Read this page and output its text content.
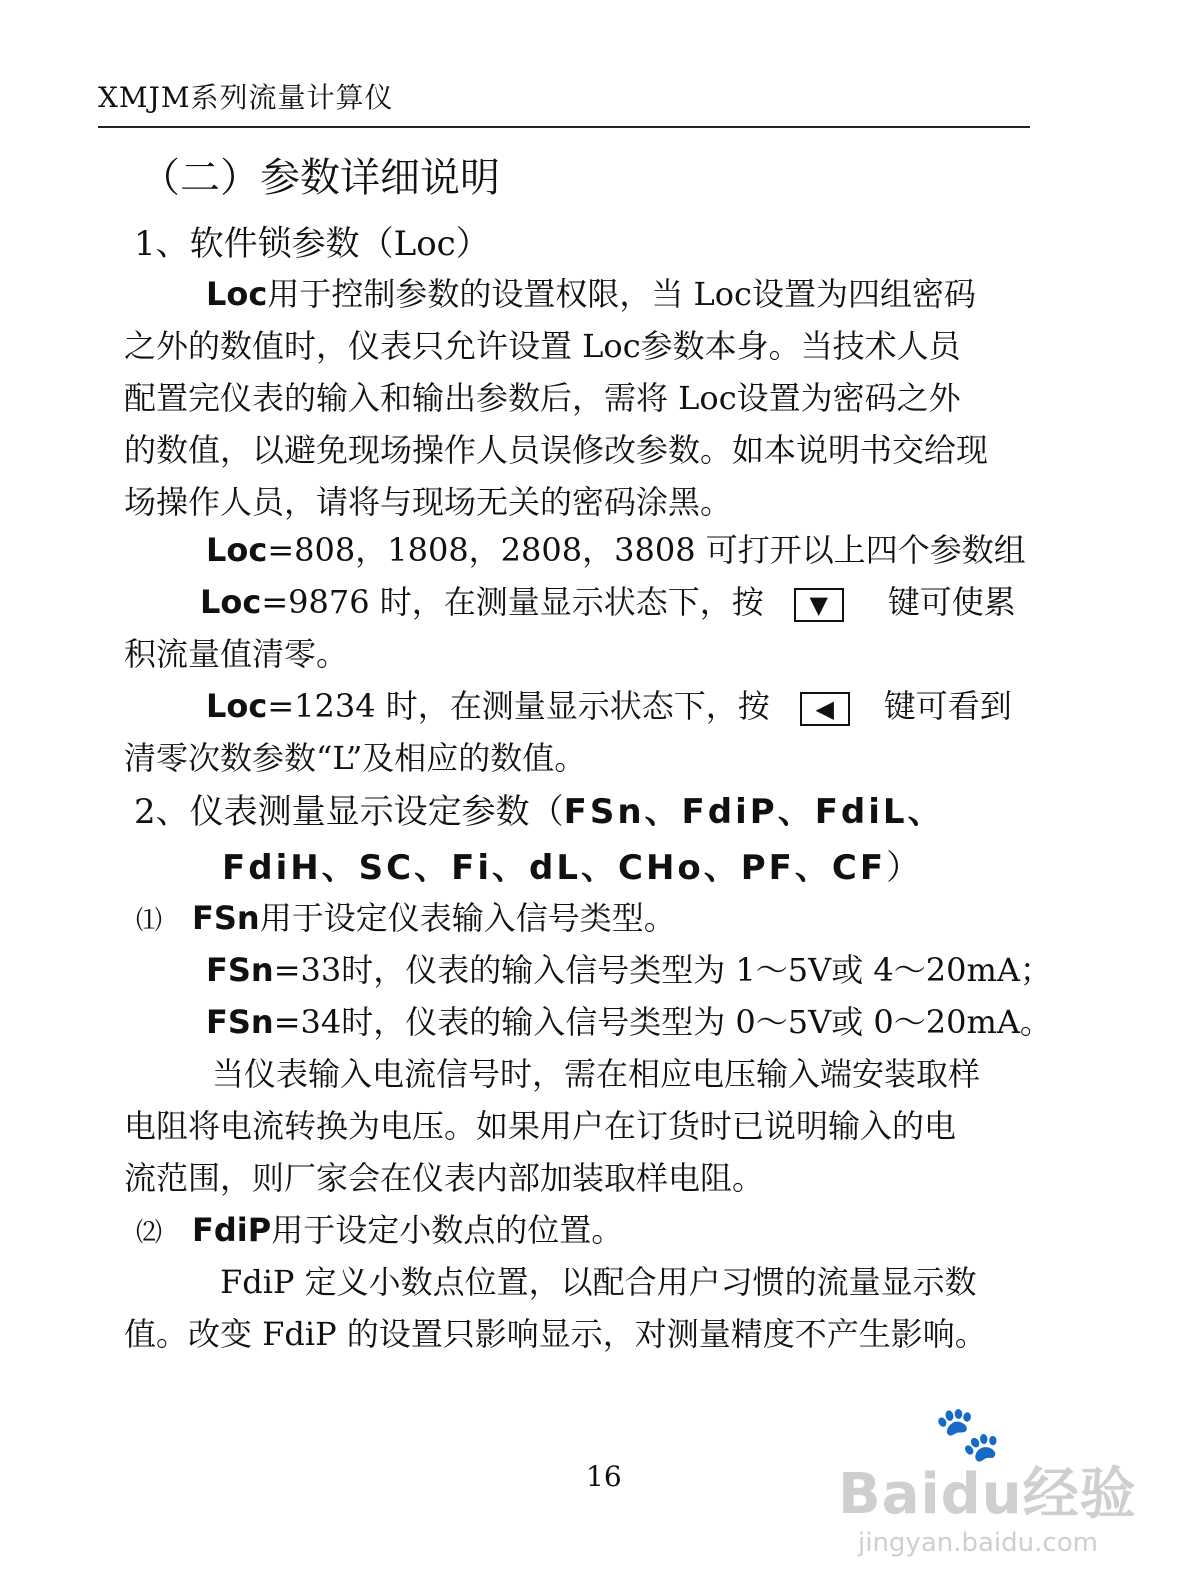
XMJM系列流量计算仪
（二）参数详细说明
1、软件锁参数（Loc）
Loc用于控制参数的设置权限，当 Loc设置为四组密码
之外的数值时，仪表只允许设置 Loc参数本身。当技术人员
配置完仪表的输入和输出参数后，需将 Loc设置为密码之外
的数值，以避免现场操作人员误修改参数。如本说明书交给现
场操作人员，请将与现场无关的密码涂黑。
Loc=808，1808，2808，3808 可打开以上四个参数组
Loc=9876 时，在测量显示状态下，按 ▼ 键可使累
积流量值清零。
Loc=1234 时，在测量显示状态下，按 ◀ 键可看到
清零次数参数“L”及相应的数值。
2、仪表测量显示设定参数（FSn、FdiP、FdiL、
FdiH、SC、Fi、dL、CHo、PF、CF）
⑴ FSn用于设定仪表输入信号类型。
FSn=33时，仪表的输入信号类型为 1～5V或 4～20mA；
FSn=34时，仪表的输入信号类型为 0～5V或 0～20mA。
当仪表输入电流信号时，需在相应电压输入端安装取样
电阻将电流转换为电压。如果用户在订货时已说明输入的电
流范围，则厂家会在仪表内部加装取样电阻。
⑵ FdiP用于设定小数点的位置。
FdiP 定义小数点位置，以配合用户习惯的流量显示数
值。改变 FdiP 的设置只影响显示，对测量精度不产生影响。
16
🐾
Baidu经验
jingyan.baidu.com
